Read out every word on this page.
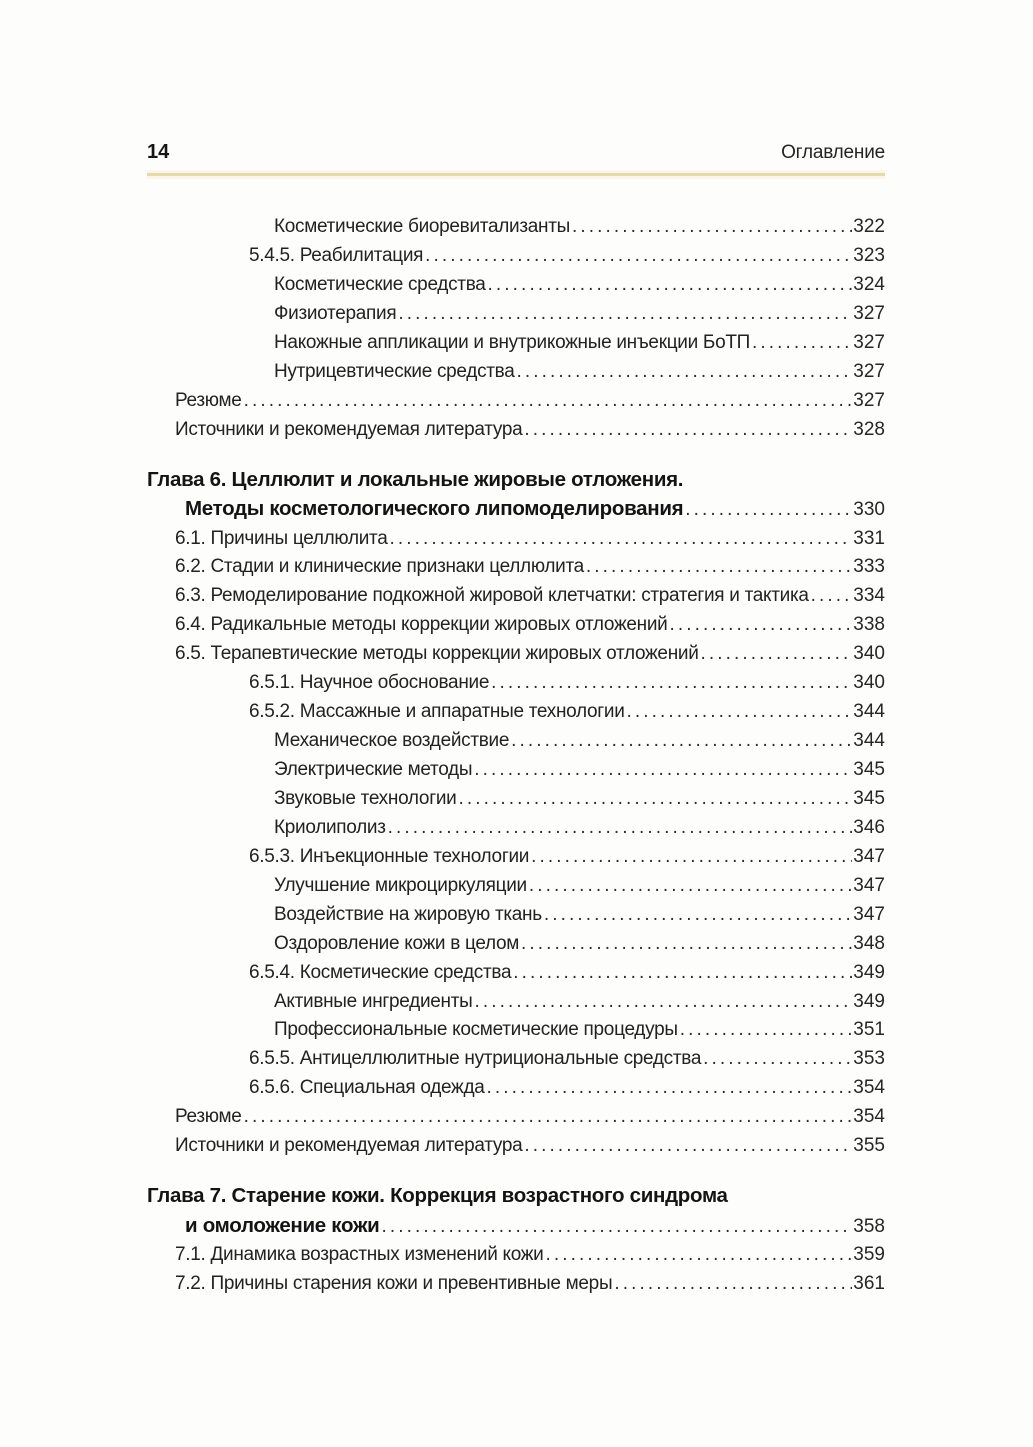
14	Оглавление
Косметические биоревитализанты .....	322
5.4.5. Реабилитация .....	323
Косметические средства .....	324
Физиотерапия .....	327
Накожные аппликации и внутрикожные инъекции БоТП .....	327
Нутрицевтические средства .....	327
Резюме .....	327
Источники и рекомендуемая литература .....	328
Глава 6. Целлюлит и локальные жировые отложения.
Методы косметологического липомоделирования .....	330
6.1. Причины целлюлита .....	331
6.2. Стадии и клинические признаки целлюлита .....	333
6.3. Ремоделирование подкожной жировой клетчатки: стратегия и тактика ..... 334
6.4. Радикальные методы коррекции жировых отложений .....	338
6.5. Терапевтические методы коррекции жировых отложений .....	340
6.5.1. Научное обоснование .....	340
6.5.2. Массажные и аппаратные технологии .....	344
Механическое воздействие .....	344
Электрические методы .....	345
Звуковые технологии .....	345
Криолиполиз .....	346
6.5.3. Инъекционные технологии .....	347
Улучшение микроциркуляции .....	347
Воздействие на жировую ткань .....	347
Оздоровление кожи в целом .....	348
6.5.4. Косметические средства .....	349
Активные ингредиенты .....	349
Профессиональные косметические процедуры .....	351
6.5.5. Антицеллюлитные нутрициональные средства .....	353
6.5.6. Специальная одежда .....	354
Резюме .....	354
Источники и рекомендуемая литература .....	355
Глава 7. Старение кожи. Коррекция возрастного синдрома
и омоложение кожи .....	358
7.1. Динамика возрастных изменений кожи .....	359
7.2. Причины старения кожи и превентивные меры .....	361
